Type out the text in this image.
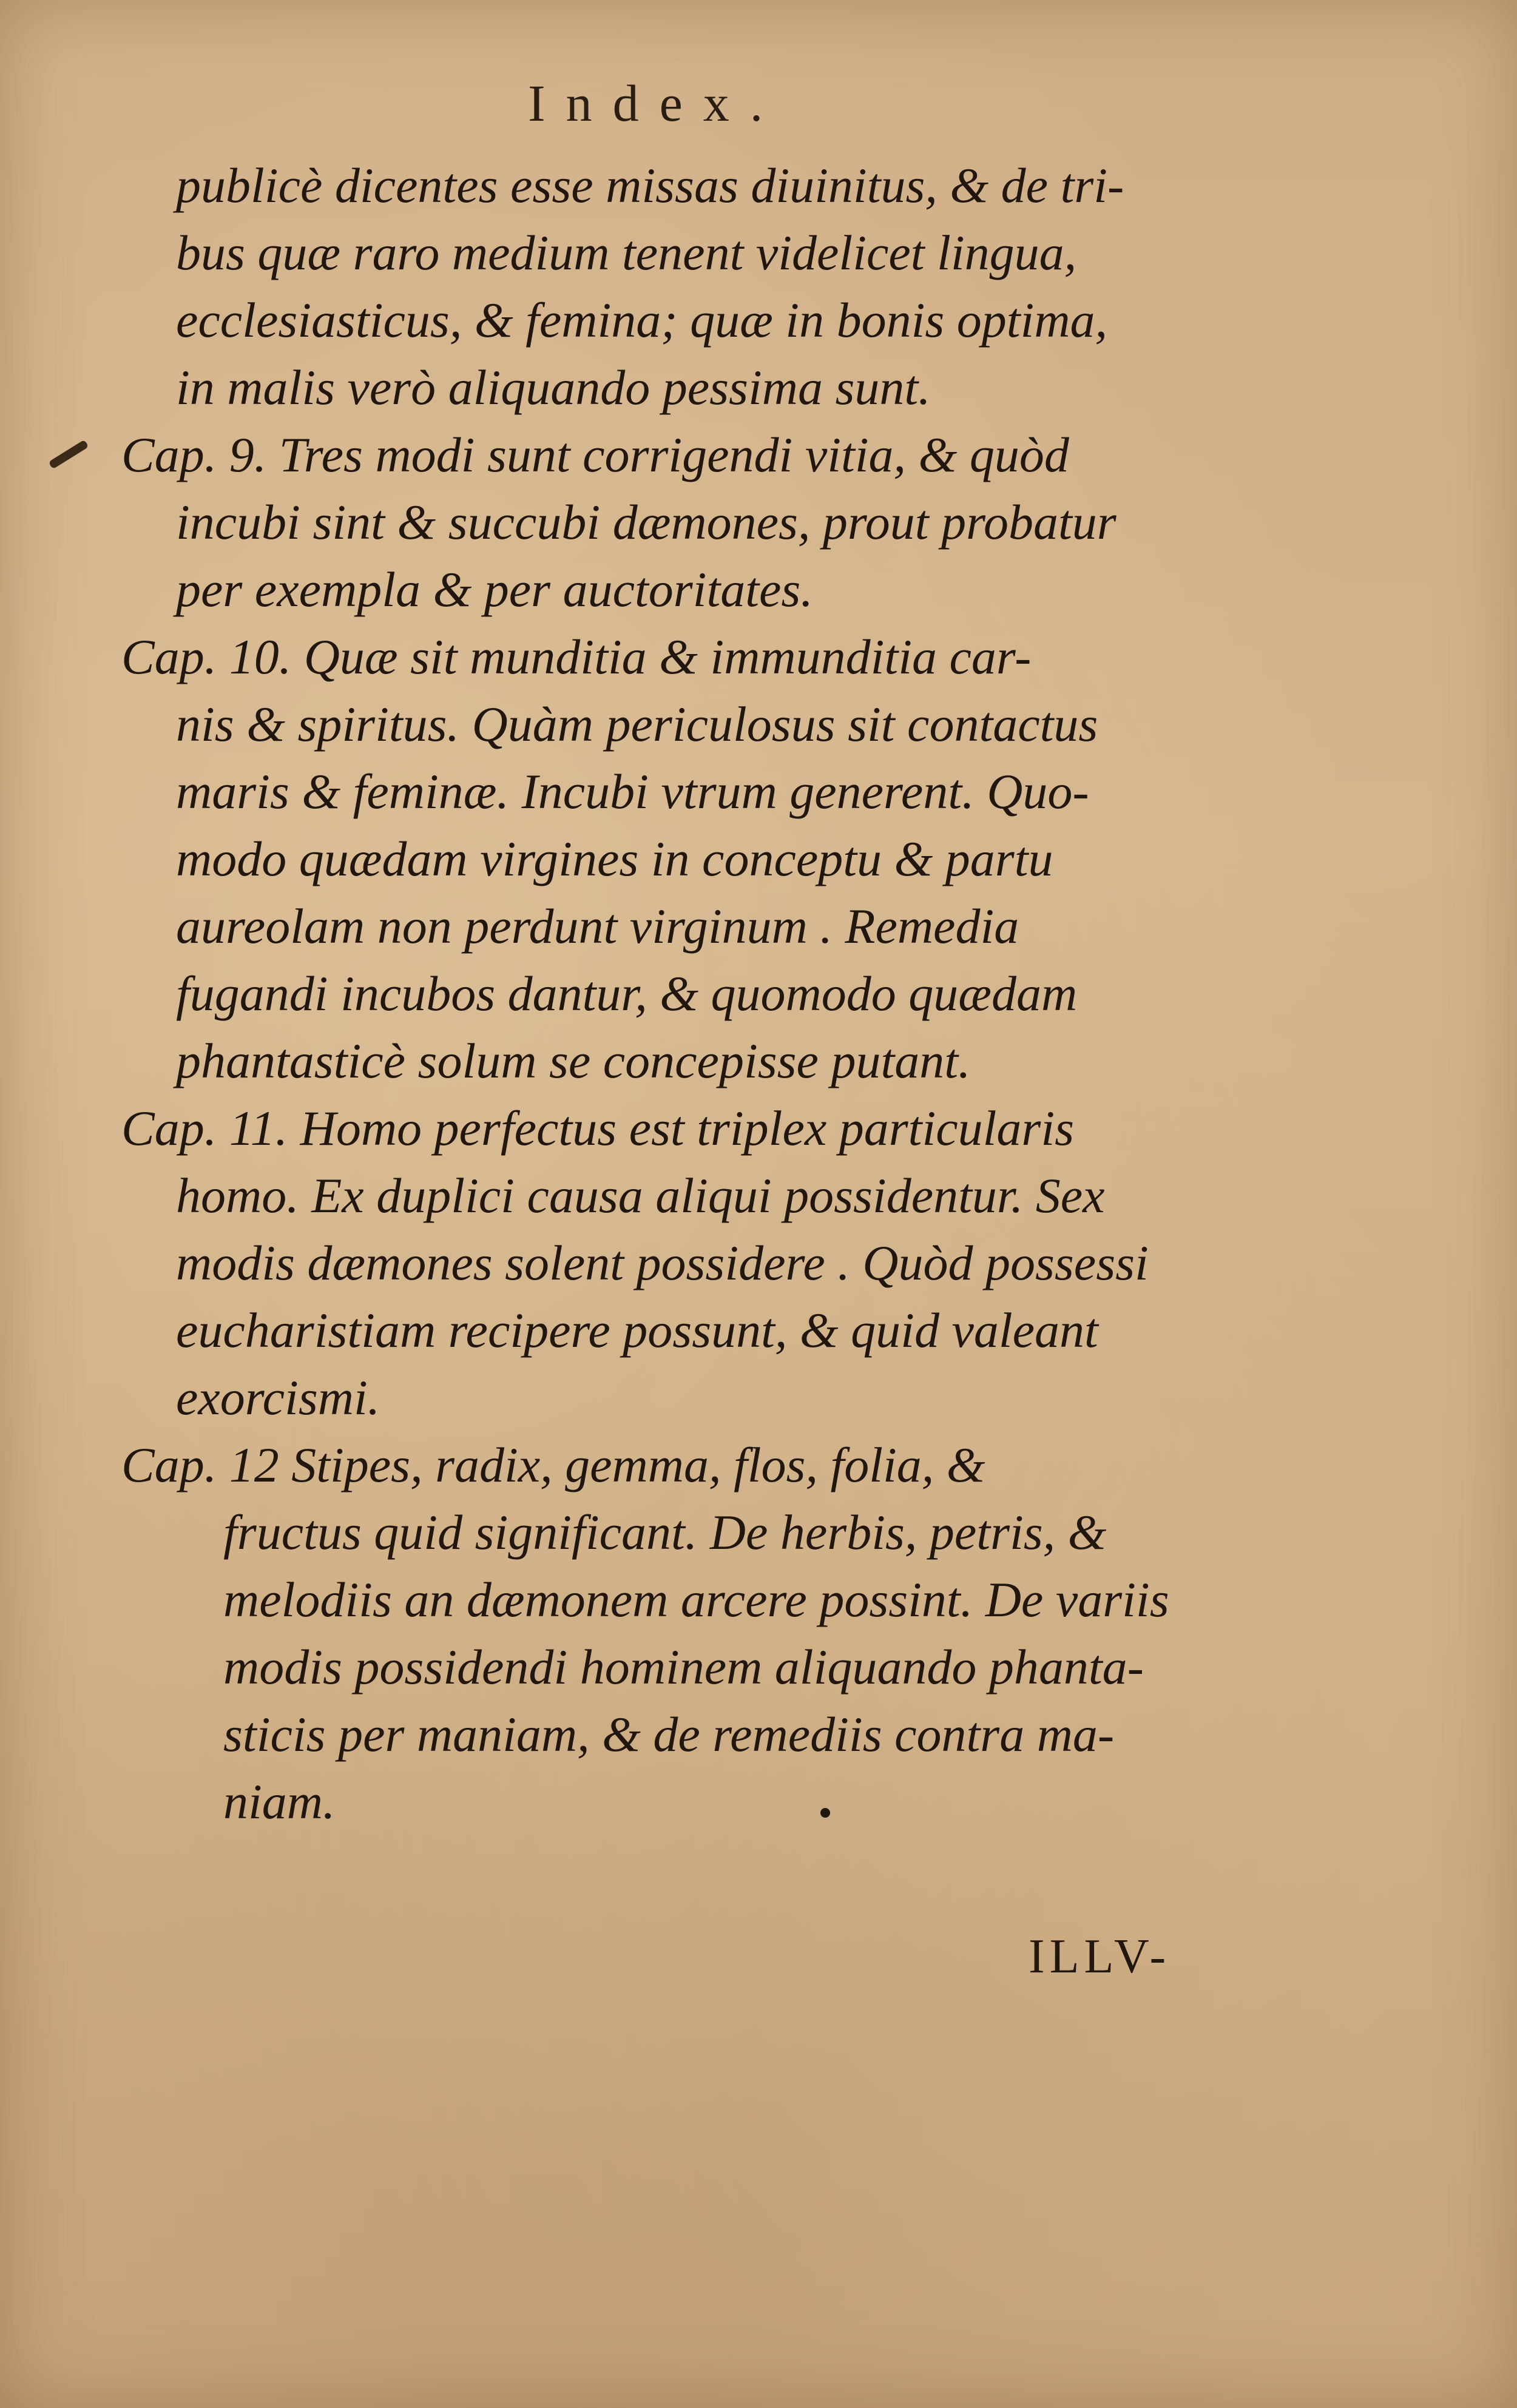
Index.
publicè dicentes esse missas diuinitus, & de tri-
bus quæ raro medium tenent videlicet lingua,
ecclesiasticus, & femina; quæ in bonis optima,
in malis verò aliquando pessima sunt.
Cap. 9. Tres modi sunt corrigendi vitia, & quòd
incubi sint & succubi dæmones, prout probatur
per exempla & per auctoritates.
Cap. 10. Quæ sit munditia & immunditia car-
nis & spiritus. Quàm periculosus sit contactus
maris & feminæ. Incubi vtrum generent. Quo-
modo quædam virgines in conceptu & partu
aureolam non perdunt virginum . Remedia
fugandi incubos dantur, & quomodo quædam
phantasticè solum se concepisse putant.
Cap. 11. Homo perfectus est triplex particularis
homo. Ex duplici causa aliqui possidentur. Sex
modis dæmones solent possidere . Quòd possessi
eucharistiam recipere possunt, & quid valeant
exorcismi.
Cap. 12 Stipes, radix, gemma, flos, folia, &
fructus quid significant. De herbis, petris, &
melodiis an dæmonem arcere possint. De variis
modis possidendi hominem aliquando phanta-
sticis per maniam, & de remediis contra ma-
niam.
ILLV-
